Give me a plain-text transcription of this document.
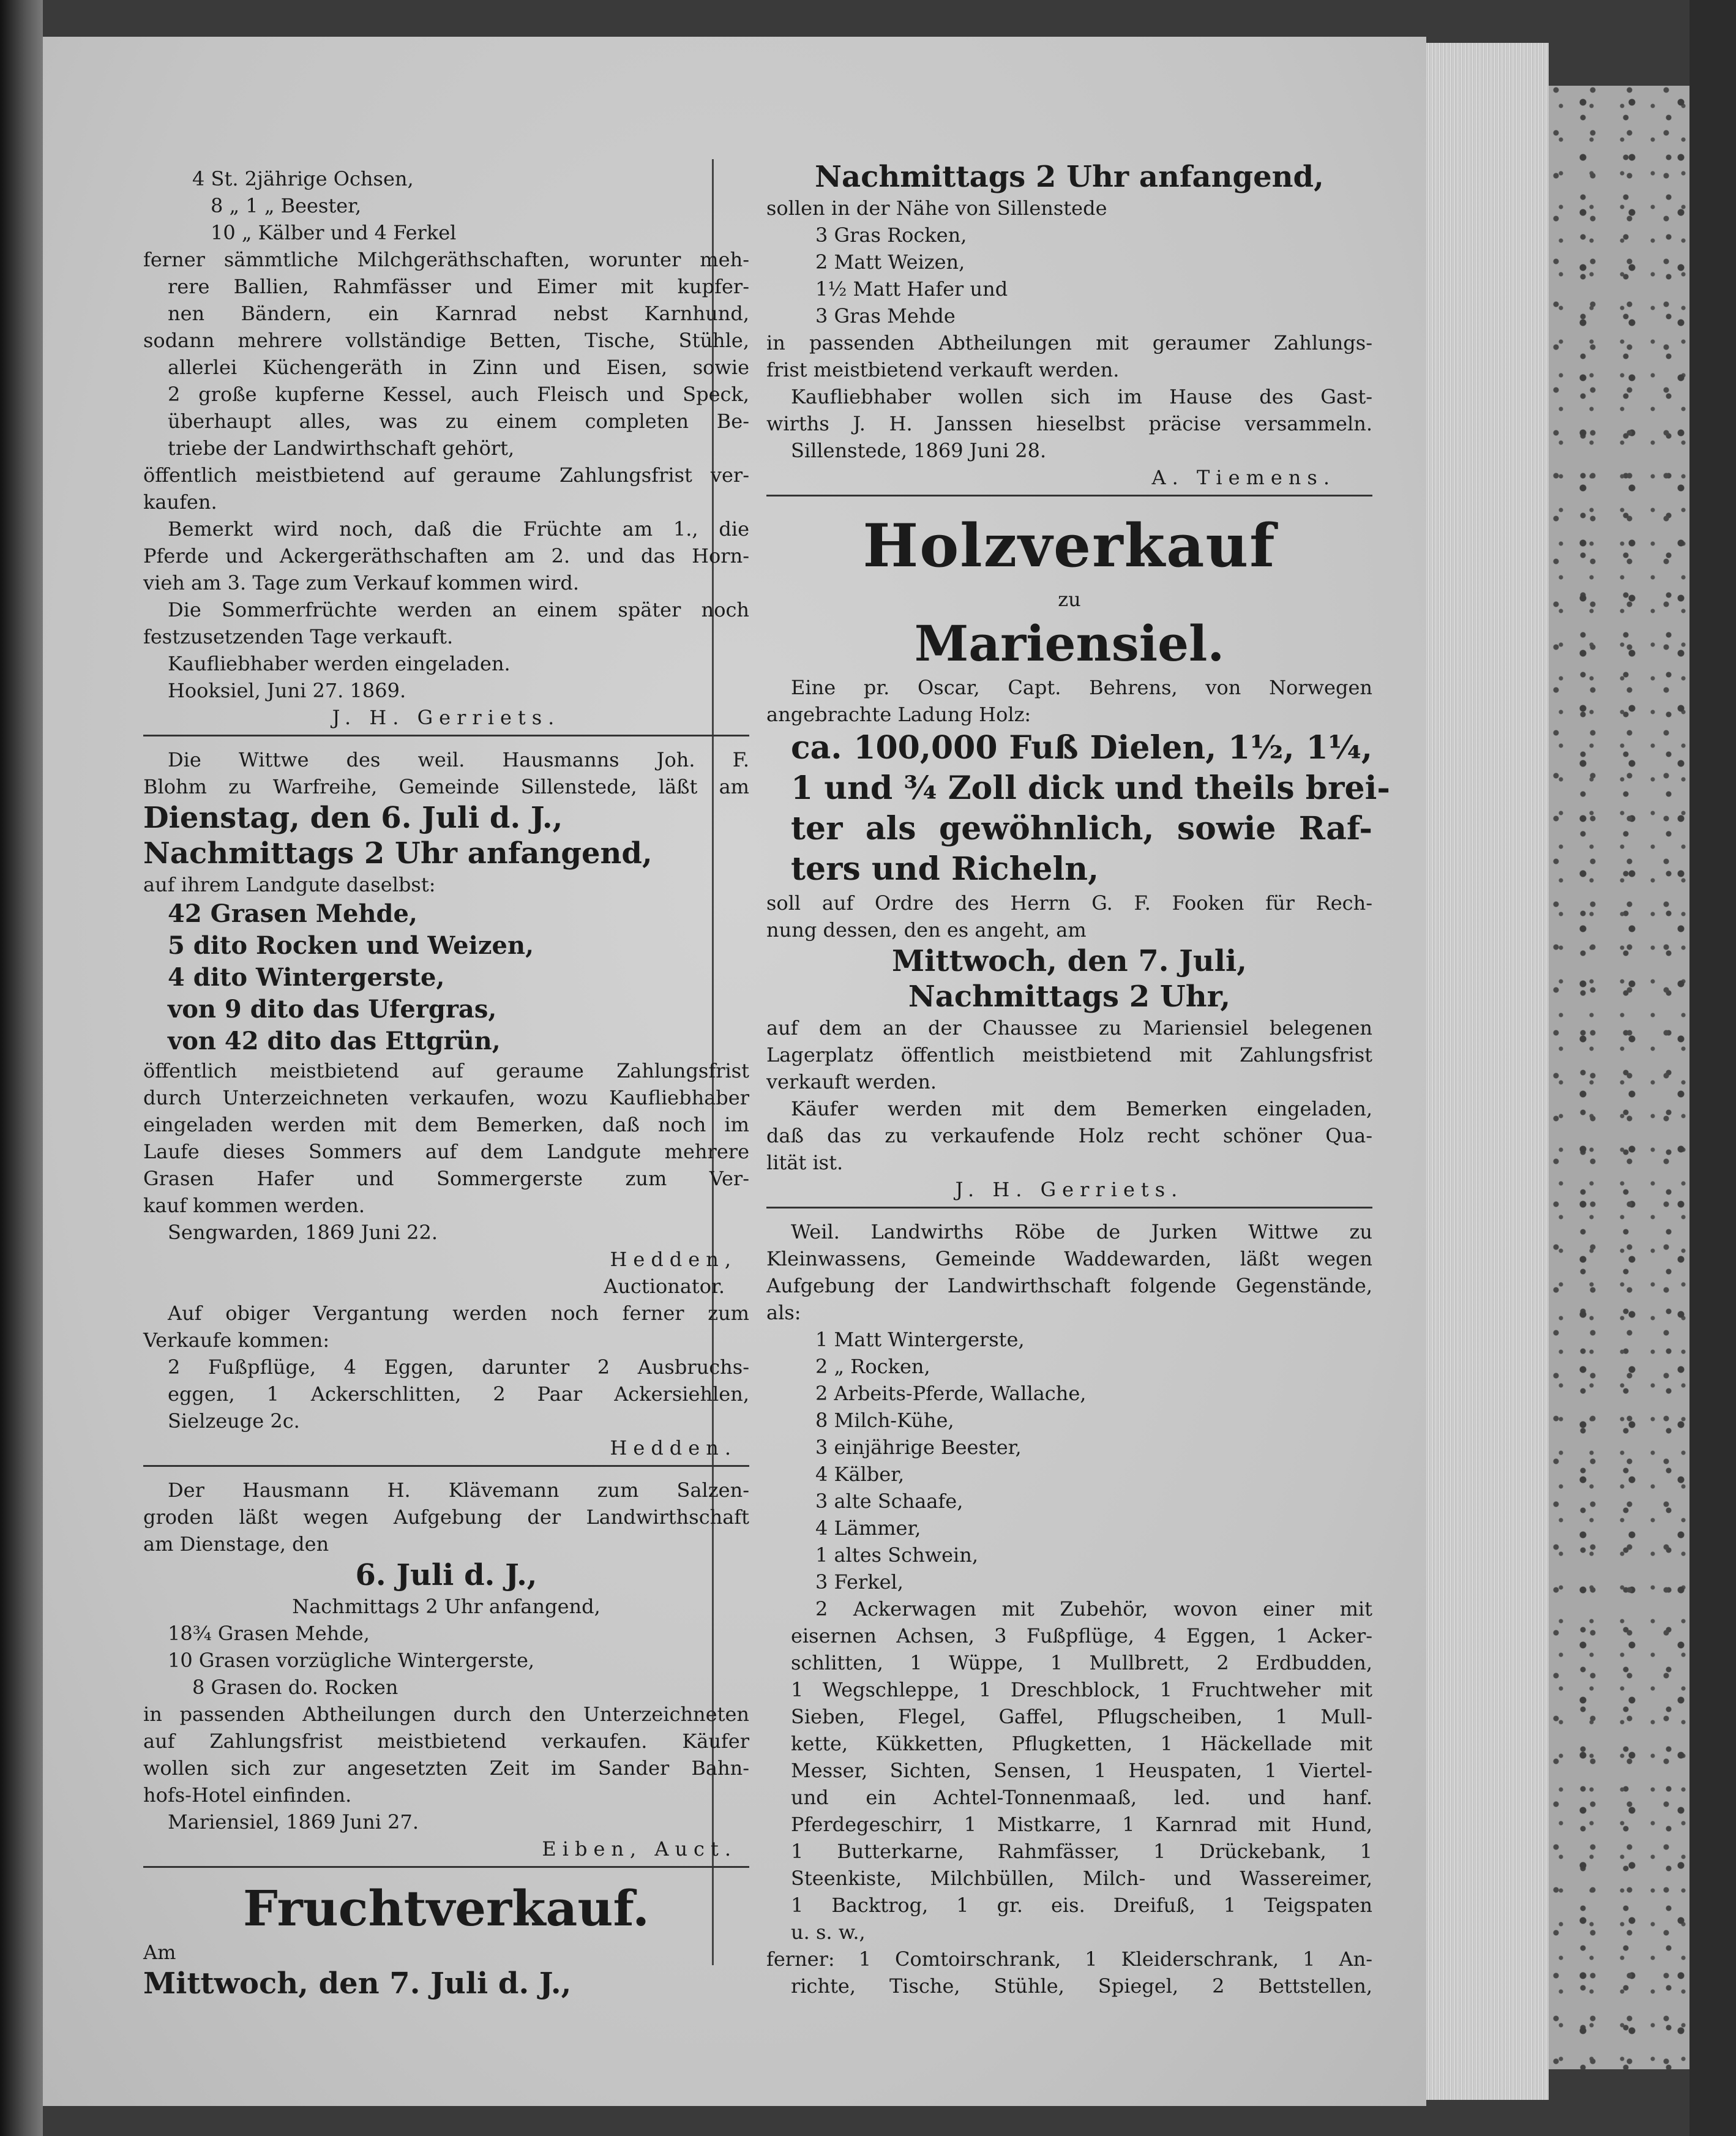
4 St. 2jährige Ochsen,
8 „ 1 „ Beester,
10 „ Kälber und 4 Ferkel
ferner sämmtliche Milchgeräthschaften, worunter meh-
rere Ballien, Rahmfässer und Eimer mit kupfer-
nen Bändern, ein Karnrad nebst Karnhund,
sodann mehrere vollständige Betten, Tische, Stühle,
allerlei Küchengeräth in Zinn und Eisen, sowie
2 große kupferne Kessel, auch Fleisch und Speck,
überhaupt alles, was zu einem completen Be-
triebe der Landwirthschaft gehört,
öffentlich meistbietend auf geraume Zahlungsfrist ver-
kaufen.
Bemerkt wird noch, daß die Früchte am 1., die
Pferde und Ackergeräthschaften am 2. und das Horn-
vieh am 3. Tage zum Verkauf kommen wird.
Die Sommerfrüchte werden an einem später noch
festzusetzenden Tage verkauft.
Kaufliebhaber werden eingeladen.
Hooksiel, Juni 27. 1869.
J. H. Gerriets.
Die Wittwe des weil. Hausmanns Joh. F.
Blohm zu Warfreihe, Gemeinde Sillenstede, läßt am
Dienstag, den 6. Juli d. J.,
Nachmittags 2 Uhr anfangend,
auf ihrem Landgute daselbst:
42 Grasen Mehde,
5 dito Rocken und Weizen,
4 dito Wintergerste,
von 9 dito das Ufergras,
von 42 dito das Ettgrün,
öffentlich meistbietend auf geraume Zahlungsfrist
durch Unterzeichneten verkaufen, wozu Kaufliebhaber
eingeladen werden mit dem Bemerken, daß noch im
Laufe dieses Sommers auf dem Landgute mehrere
Grasen Hafer und Sommergerste zum Ver-
kauf kommen werden.
Sengwarden, 1869 Juni 22.
Hedden,
Auctionator.
Auf obiger Vergantung werden noch ferner zum
Verkaufe kommen:
2 Fußpflüge, 4 Eggen, darunter 2 Ausbruchs-
eggen, 1 Ackerschlitten, 2 Paar Ackersiehlen,
Sielzeuge 2c.
Hedden.
Der Hausmann H. Klävemann zum Salzen-
groden läßt wegen Aufgebung der Landwirthschaft
am Dienstage, den
6. Juli d. J.,
Nachmittags 2 Uhr anfangend,
18¾ Grasen Mehde,
10 Grasen vorzügliche Wintergerste,
8 Grasen do. Rocken
in passenden Abtheilungen durch den Unterzeichneten
auf Zahlungsfrist meistbietend verkaufen. Käufer
wollen sich zur angesetzten Zeit im Sander Bahn-
hofs-Hotel einfinden.
Mariensiel, 1869 Juni 27.
Eiben, Auct.
Fruchtverkauf.
Am
Mittwoch, den 7. Juli d. J.,
Nachmittags 2 Uhr anfangend,
sollen in der Nähe von Sillenstede
3 Gras Rocken,
2 Matt Weizen,
1½ Matt Hafer und
3 Gras Mehde
in passenden Abtheilungen mit geraumer Zahlungs-
frist meistbietend verkauft werden.
Kaufliebhaber wollen sich im Hause des Gast-
wirths J. H. Janssen hieselbst präcise versammeln.
Sillenstede, 1869 Juni 28.
A. Tiemens.
Holzverkauf
zu
Mariensiel.
Eine pr. Oscar, Capt. Behrens, von Norwegen
angebrachte Ladung Holz:
ca. 100,000 Fuß Dielen, 1½, 1¼,
1 und ¾ Zoll dick und theils brei-
ter als gewöhnlich, sowie Raf-
ters und Richeln,
soll auf Ordre des Herrn G. F. Fooken für Rech-
nung dessen, den es angeht, am
Mittwoch, den 7. Juli,
Nachmittags 2 Uhr,
auf dem an der Chaussee zu Mariensiel belegenen
Lagerplatz öffentlich meistbietend mit Zahlungsfrist
verkauft werden.
Käufer werden mit dem Bemerken eingeladen,
daß das zu verkaufende Holz recht schöner Qua-
lität ist.
J. H. Gerriets.
Weil. Landwirths Röbe de Jurken Wittwe zu
Kleinwassens, Gemeinde Waddewarden, läßt wegen
Aufgebung der Landwirthschaft folgende Gegenstände,
als:
1 Matt Wintergerste,
2 „ Rocken,
2 Arbeits-Pferde, Wallache,
8 Milch-Kühe,
3 einjährige Beester,
4 Kälber,
3 alte Schaafe,
4 Lämmer,
1 altes Schwein,
3 Ferkel,
2 Ackerwagen mit Zubehör, wovon einer mit
eisernen Achsen, 3 Fußpflüge, 4 Eggen, 1 Acker-
schlitten, 1 Wüppe, 1 Mullbrett, 2 Erdbudden,
1 Wegschleppe, 1 Dreschblock, 1 Fruchtweher mit
Sieben, Flegel, Gaffel, Pflugscheiben, 1 Mull-
kette, Kükketten, Pflugketten, 1 Häckellade mit
Messer, Sichten, Sensen, 1 Heuspaten, 1 Viertel-
und ein Achtel-Tonnenmaaß, led. und hanf.
Pferdegeschirr, 1 Mistkarre, 1 Karnrad mit Hund,
1 Butterkarne, Rahmfässer, 1 Drückebank, 1
Steenkiste, Milchbüllen, Milch- und Wassereimer,
1 Backtrog, 1 gr. eis. Dreifuß, 1 Teigspaten
u. s. w.,
ferner: 1 Comtoirschrank, 1 Kleiderschrank, 1 An-
richte, Tische, Stühle, Spiegel, 2 Bettstellen,
